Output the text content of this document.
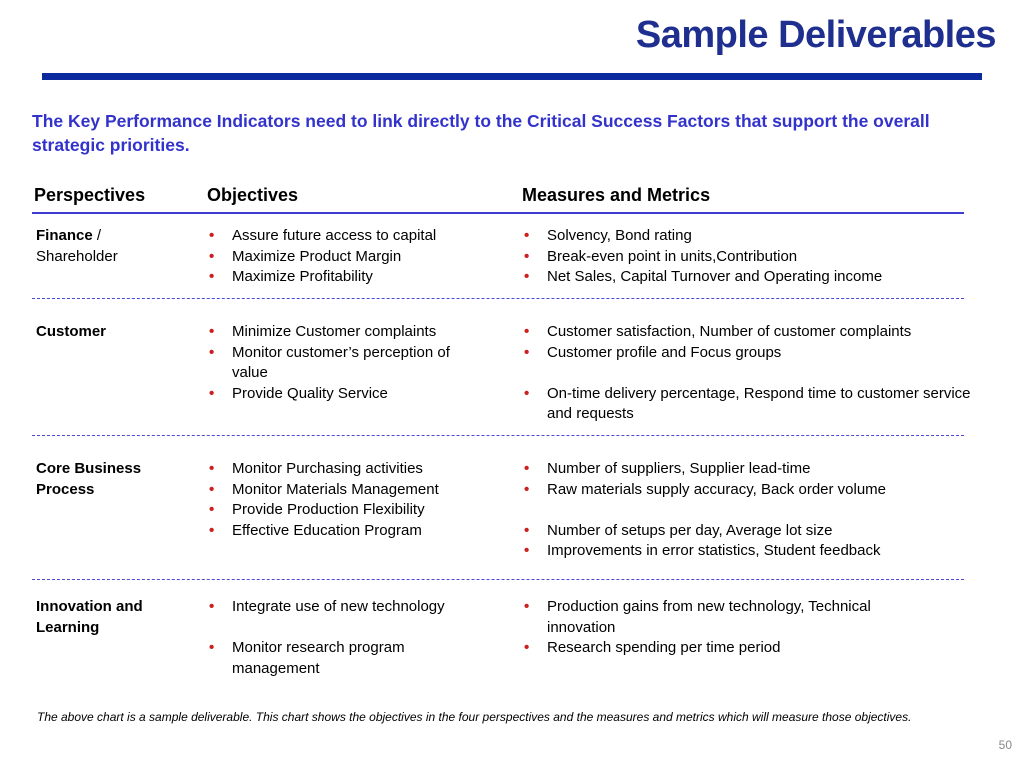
Sample Deliverables
The Key Performance Indicators need to link directly to the Critical Success Factors that support the overall strategic priorities.
Perspectives	Objectives	Measures and Metrics
Finance / Shareholder
• Assure future access to capital
• Maximize Product Margin
• Maximize Profitability
• Solvency, Bond rating
• Break-even point in units,Contribution
• Net Sales, Capital Turnover and Operating income
Customer
•	Minimize Customer complaints
• Monitor customer’s perception of value
• Provide Quality Service
• Customer satisfaction, Number of customer complaints
• Customer profile and Focus groups
• On-time delivery percentage, Respond time to customer service and requests
Core Business Process
• Monitor Purchasing activities
• Monitor Materials Management
• Provide Production Flexibility
• Effective Education Program
• Number of suppliers, Supplier lead-time
• Raw materials supply accuracy, Back order volume
• Number of setups per day, Average lot size
• Improvements in error statistics, Student feedback
Innovation and Learning
• Integrate use of new technology
• Monitor research program management
• Production gains from new technology, Technical innovation
• Research spending per time period
The above chart is a sample deliverable. This chart shows the objectives in the four perspectives and the measures and metrics which will measure those objectives.
50
